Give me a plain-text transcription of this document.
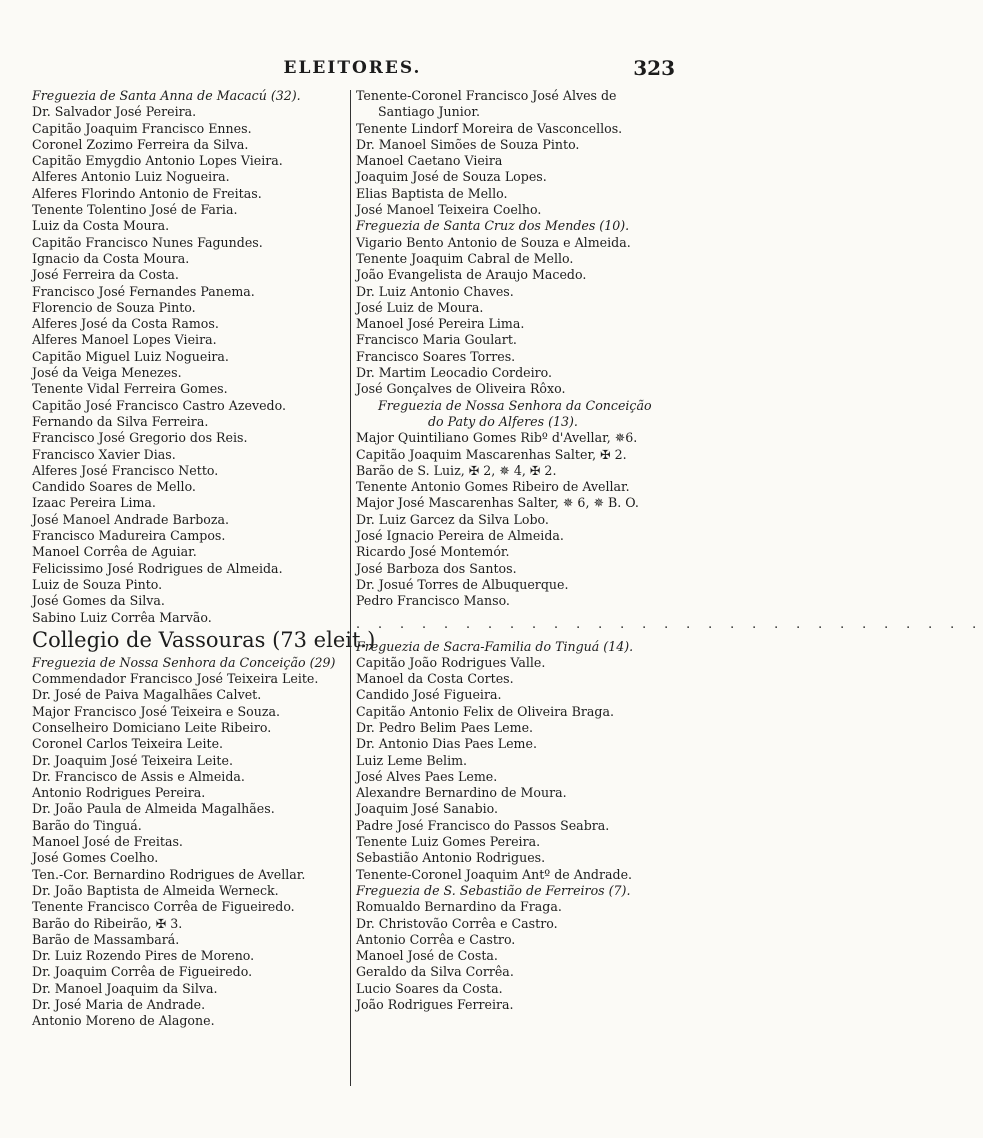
ELEITORES.	323
Freguezia de Santa Anna de Macacú (32).
Dr. Salvador José Pereira.
Capitão Joaquim Francisco Ennes.
Coronel Zozimo Ferreira da Silva.
Capitão Emygdio Antonio Lopes Vieira.
Alferes Antonio Luiz Nogueira.
Alferes Florindo Antonio de Freitas.
Tenente Tolentino José de Faria.
Luiz da Costa Moura.
Capitão Francisco Nunes Fagundes.
Ignacio da Costa Moura.
José Ferreira da Costa.
Francisco José Fernandes Panema.
Florencio de Souza Pinto.
Alferes José da Costa Ramos.
Alferes Manoel Lopes Vieira.
Capitão Miguel Luiz Nogueira.
José da Veiga Menezes.
Tenente Vidal Ferreira Gomes.
Capitão José Francisco Castro Azevedo.
Fernando da Silva Ferreira.
Francisco José Gregorio dos Reis.
Francisco Xavier Dias.
Alferes José Francisco Netto.
Candido Soares de Mello.
Izaac Pereira Lima.
José Manoel Andrade Barboza.
Francisco Madureira Campos.
Manoel Corrêa de Aguiar.
Felicissimo José Rodrigues de Almeida.
Luiz de Souza Pinto.
José Gomes da Silva.
Sabino Luiz Corrêa Marvão.
Collegio de Vassouras (73 eleit.)
Freguezia de Nossa Senhora da Conceição (29)
Commendador Francisco José Teixeira Leite.
Dr. José de Paiva Magalhães Calvet.
Major Francisco José Teixeira e Souza.
Conselheiro Domiciano Leite Ribeiro.
Coronel Carlos Teixeira Leite.
Dr. Joaquim José Teixeira Leite.
Dr. Francisco de Assis e Almeida.
Antonio Rodrigues Pereira.
Dr. João Paula de Almeida Magalhães.
Barão do Tinguá.
Manoel José de Freitas.
José Gomes Coelho.
Ten.-Cor. Bernardino Rodrigues de Avellar.
Dr. João Baptista de Almeida Werneck.
Tenente Francisco Corrêa de Figueiredo.
Barão do Ribeirão, ✠ 3.
Barão de Massambará.
Dr. Luiz Rozendo Pires de Moreno.
Dr. Joaquim Corrêa de Figueiredo.
Dr. Manoel Joaquim da Silva.
Dr. José Maria de Andrade.
Antonio Moreno de Alagone.
Tenente-Coronel Francisco José Alves de
Santiago Junior.
Tenente Lindorf Moreira de Vasconcellos.
Dr. Manoel Simões de Souza Pinto.
Manoel Caetano Vieira
Joaquim José de Souza Lopes.
Elias Baptista de Mello.
José Manoel Teixeira Coelho.
Freguezia de Santa Cruz dos Mendes (10).
Vigario Bento Antonio de Souza e Almeida.
Tenente Joaquim Cabral de Mello.
João Evangelista de Araujo Macedo.
Dr. Luiz Antonio Chaves.
José Luiz de Moura.
Manoel José Pereira Lima.
Francisco Maria Goulart.
Francisco Soares Torres.
Dr. Martim Leocadio Cordeiro.
José Gonçalves de Oliveira Rôxo.
Freguezia de Nossa Senhora da Conceição
do Paty do Alferes (13).
Major Quintiliano Gomes Ribº d'Avellar, ✵6.
Capitão Joaquim Mascarenhas Salter, ✠ 2.
Barão de S. Luiz, ✠ 2, ✵ 4, ✠ 2.
Tenente Antonio Gomes Ribeiro de Avellar.
Major José Mascarenhas Salter, ✵ 6, ✵ B. O.
Dr. Luiz Garcez da Silva Lobo.
José Ignacio Pereira de Almeida.
Ricardo José Montemór.
José Barboza dos Santos.
Dr. Josué Torres de Albuquerque.
Pedro Francisco Manso.
. . . . . . . . . . . . . . . . . . . . . . . . . . . . .
Freguezia de Sacra-Familia do Tinguá (14).
Capitão João Rodrigues Valle.
Manoel da Costa Cortes.
Candido José Figueira.
Capitão Antonio Felix de Oliveira Braga.
Dr. Pedro Belim Paes Leme.
Dr. Antonio Dias Paes Leme.
Luiz Leme Belim.
José Alves Paes Leme.
Alexandre Bernardino de Moura.
Joaquim José Sanabio.
Padre José Francisco do Passos Seabra.
Tenente Luiz Gomes Pereira.
Sebastião Antonio Rodrigues.
Tenente-Coronel Joaquim Antº de Andrade.
Freguezia de S. Sebastião de Ferreiros (7).
Romualdo Bernardino da Fraga.
Dr. Christovão Corrêa e Castro.
Antonio Corrêa e Castro.
Manoel José de Costa.
Geraldo da Silva Corrêa.
Lucio Soares da Costa.
João Rodrigues Ferreira.
